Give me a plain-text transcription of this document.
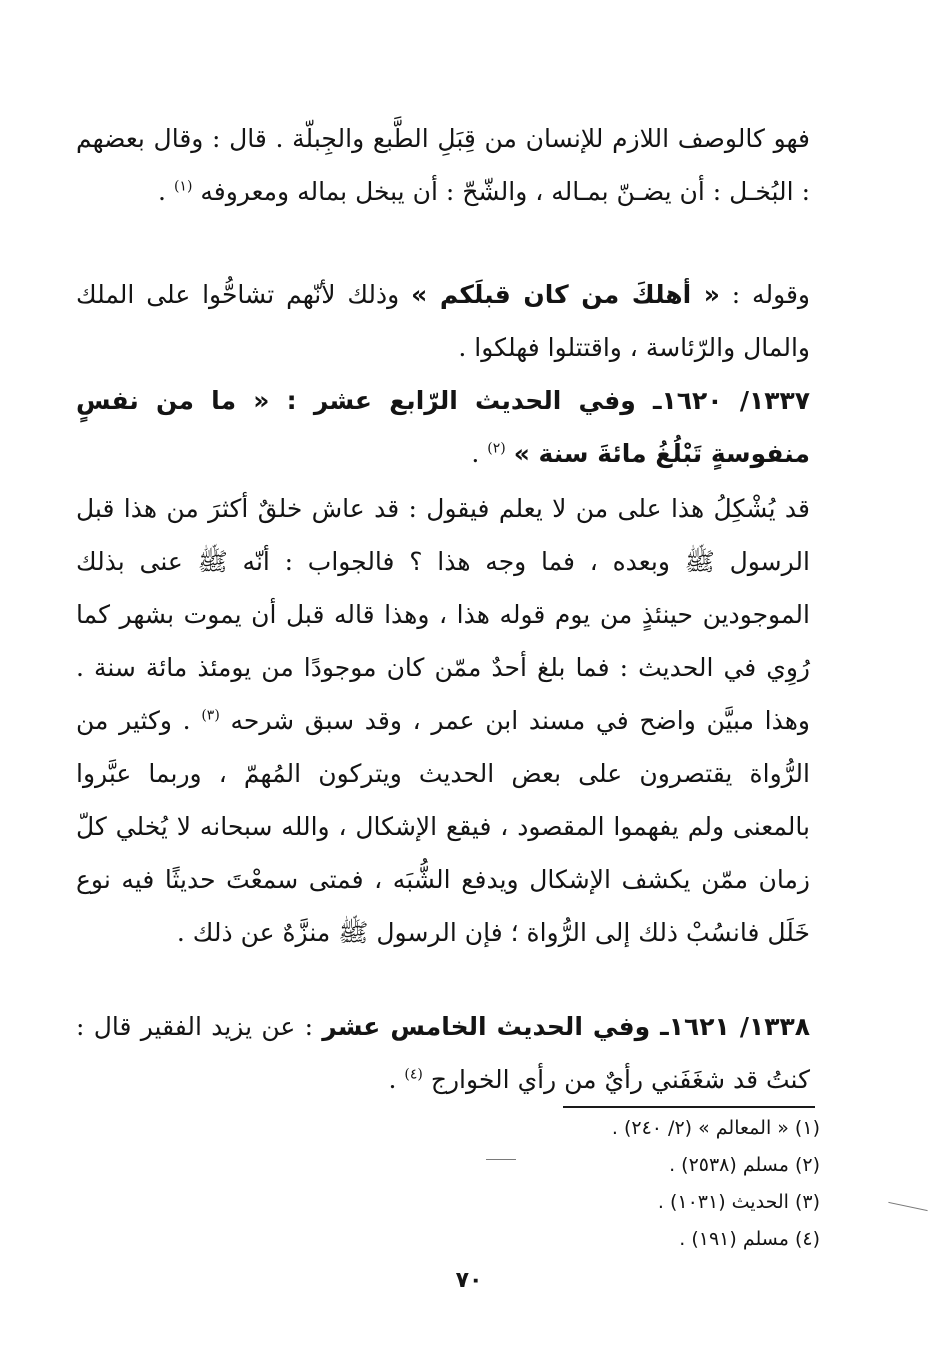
فهو كالوصف اللازم للإنسان من قِبَلِ الطَّبع والجِبلّة . قال : وقال بعضهم : البُخـل : أن يضـنّ بمـاله ، والشّحّ : أن يبخل بماله ومعروفه $^{(١)}$ .

وقوله : « أهلكَ من كان قبلَكم » وذلك لأنّهم تشاحُّوا على الملك والمال والرّئاسة ، واقتتلوا فهلكوا .

١٣٣٧/ ١٦٢٠ـ وفي الحديث الرّابع عشر : « ما من نفسٍ منفوسةٍ تَبْلُغُ مائةَ سنة » $^{(٢)}$ .

قد يُشْكِلُ هذا على من لا يعلم فيقول : قد عاش خلقٌ أكثرَ من هذا قبل الرسول ﷺ وبعده ، فما وجه هذا ؟ فالجواب : أنّه ﷺ عنى بذلك الموجودين حينئذٍ من يوم قوله هذا ، وهذا قاله قبل أن يموت بشهر كما رُوِي في الحديث : فما بلغ أحدٌ ممّن كان موجودًا من يومئذ مائة سنة . وهذا مبيَّن واضح في مسند ابن عمر ، وقد سبق شرحه $^{(٣)}$ . وكثير من الرُّواة يقتصرون على بعض الحديث ويتركون المُهمّ ، وربما عبَّروا بالمعنى ولم يفهموا المقصود ، فيقع الإشكال ، والله سبحانه لا يُخلي كلّ زمان ممّن يكشف الإشكال ويدفع الشُّبَه ، فمتى سمعْتَ حديثًا فيه نوع خَلَل فانسُبْ ذلك إلى الرُّواة ؛ فإن الرسول ﷺ منزَّهٌ عن ذلك .

١٣٣٨/ ١٦٢١ـ وفي الحديث الخامس عشر : عن يزيد الفقير قال : كنتُ قد شغَفَني رأيٌ من رأي الخوارج $^{(٤)}$ .

(١) « المعالم » (٢/ ٢٤٠) .
(٢) مسلم (٢٥٣٨) .
(٣) الحديث (١٠٣١) .
(٤) مسلم (١٩١) .
٧٠
